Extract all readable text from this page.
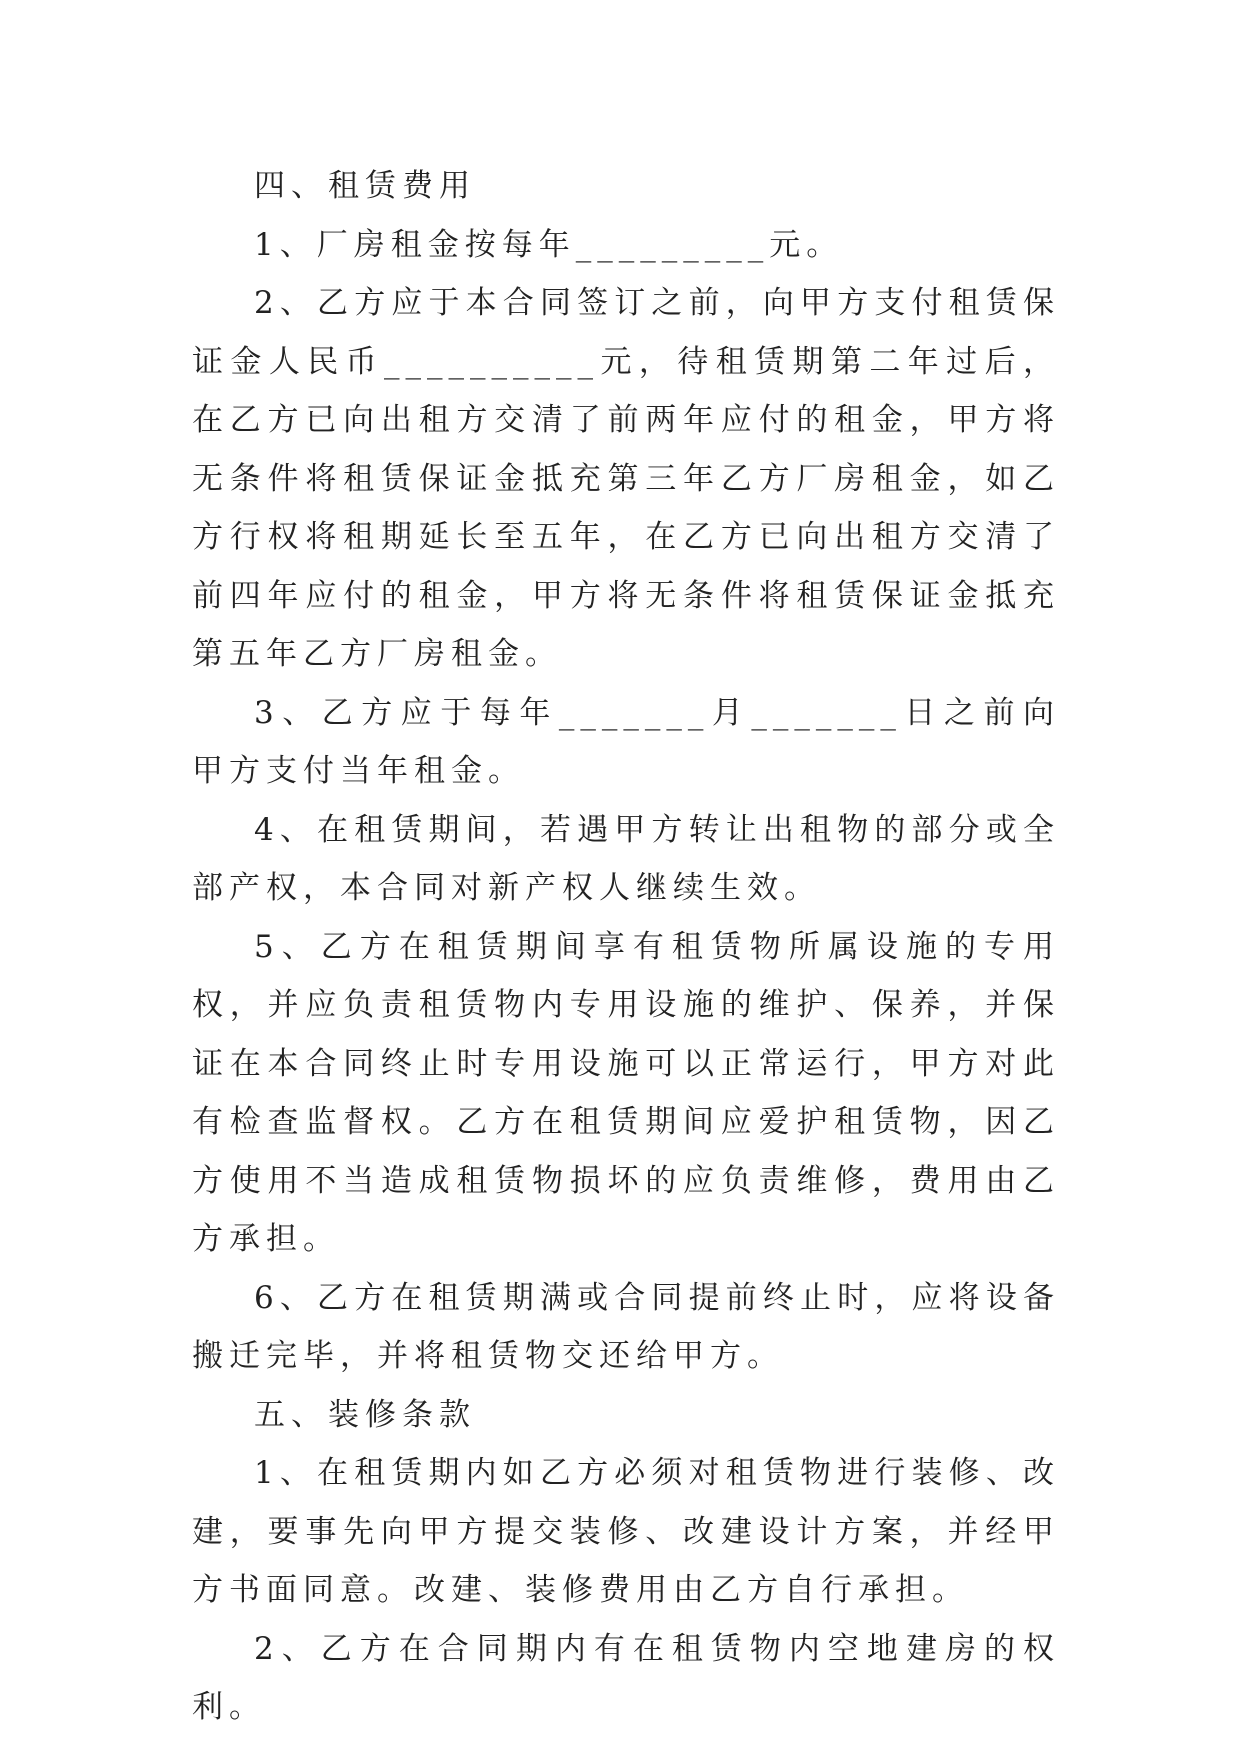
四、租赁费用

1、厂房租金按每年_________元。

2、乙方应于本合同签订之前，向甲方支付租赁保证金人民币__________元，待租赁期第二年过后，在乙方已向出租方交清了前两年应付的租金，甲方将无条件将租赁保证金抵充第三年乙方厂房租金，如乙方行权将租期延长至五年，在乙方已向出租方交清了前四年应付的租金，甲方将无条件将租赁保证金抵充第五年乙方厂房租金。

3、乙方应于每年_______月_______日之前向甲方支付当年租金。

4、在租赁期间，若遇甲方转让出租物的部分或全部产权，本合同对新产权人继续生效。

5、乙方在租赁期间享有租赁物所属设施的专用权，并应负责租赁物内专用设施的维护、保养，并保证在本合同终止时专用设施可以正常运行，甲方对此有检查监督权。乙方在租赁期间应爱护租赁物，因乙方使用不当造成租赁物损坏的应负责维修，费用由乙方承担。

6、乙方在租赁期满或合同提前终止时，应将设备搬迁完毕，并将租赁物交还给甲方。

五、装修条款

1、在租赁期内如乙方必须对租赁物进行装修、改建，要事先向甲方提交装修、改建设计方案，并经甲方书面同意。改建、装修费用由乙方自行承担。

2、乙方在合同期内有在租赁物内空地建房的权利。
